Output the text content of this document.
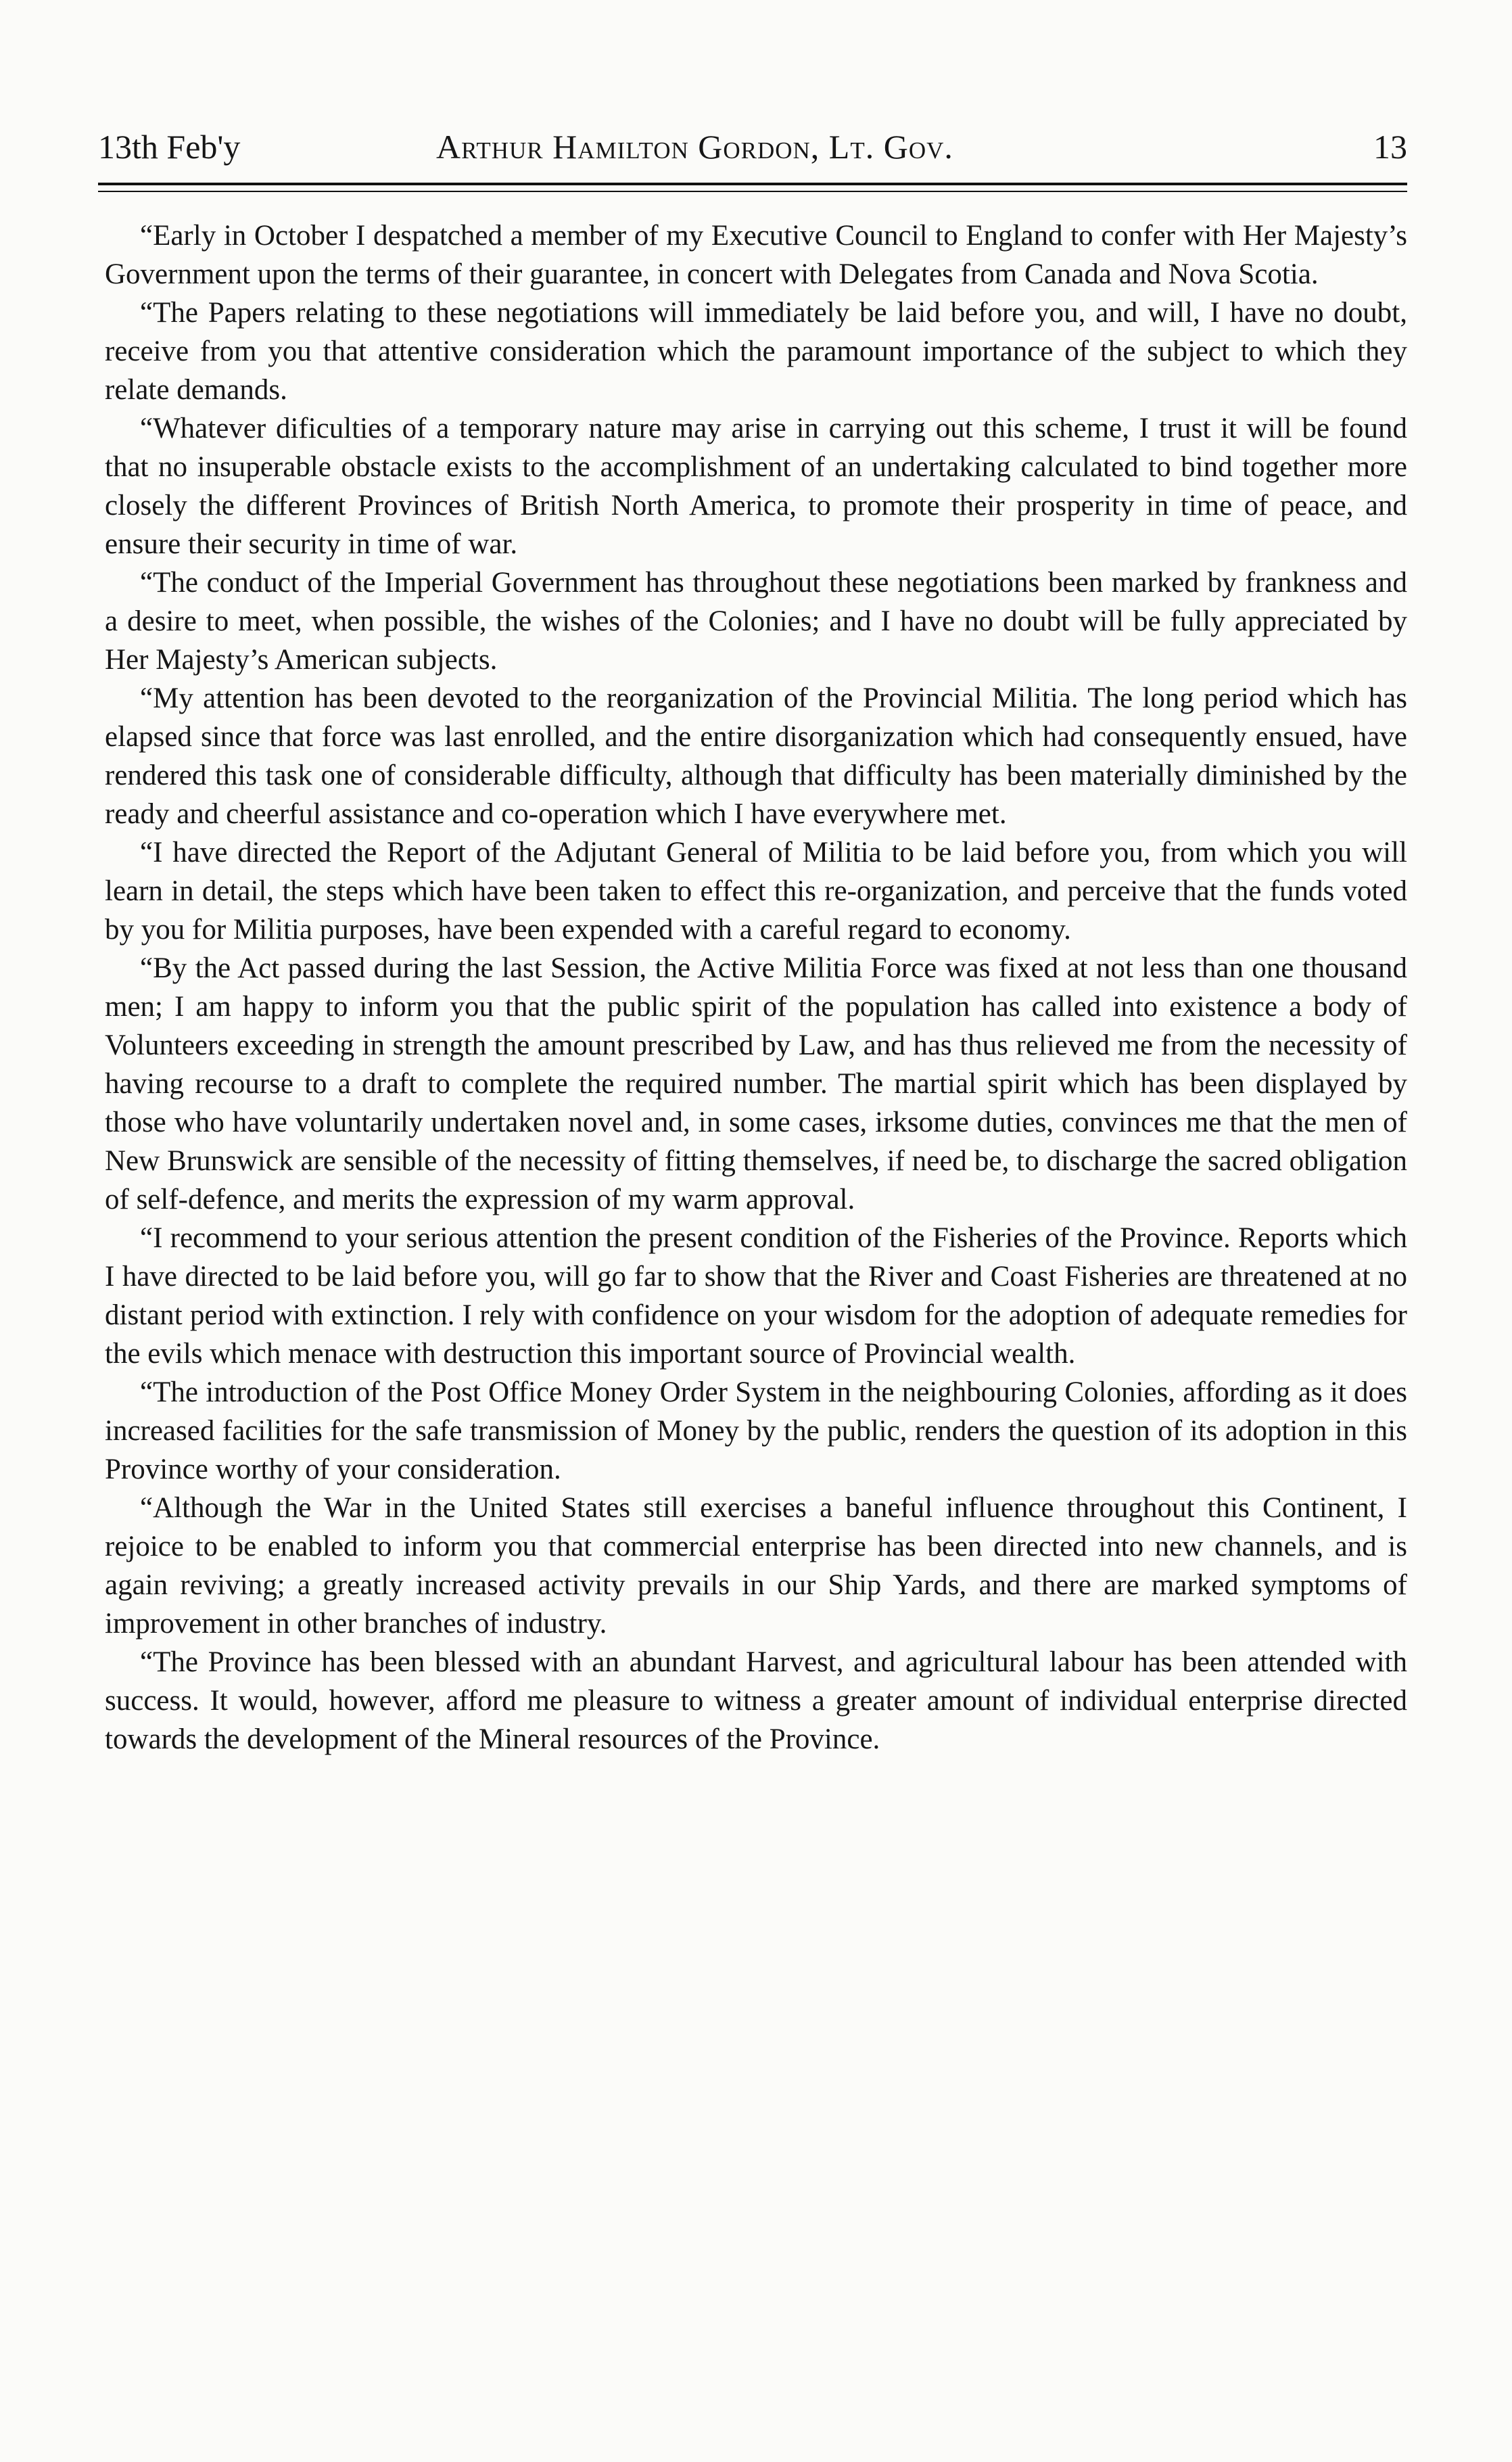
13th Feb'y	Arthur Hamilton Gordon, Lt. Gov.	13

“Early in October I despatched a member of my Executive Council to England to confer with Her Majesty’s Government upon the terms of their guarantee, in concert with Delegates from Canada and Nova Scotia.

“The Papers relating to these negotiations will immediately be laid before you, and will, I have no doubt, receive from you that attentive consideration which the paramount importance of the subject to which they relate demands.

“Whatever dificulties of a temporary nature may arise in carrying out this scheme, I trust it will be found that no insuperable obstacle exists to the accomplishment of an undertaking calculated to bind together more closely the different Provinces of British North America, to promote their prosperity in time of peace, and ensure their security in time of war.

“The conduct of the Imperial Government has throughout these negotiations been marked by frankness and a desire to meet, when possible, the wishes of the Colonies; and I have no doubt will be fully appreciated by Her Majesty’s American subjects.

“My attention has been devoted to the reorganization of the Provincial Militia. The long period which has elapsed since that force was last enrolled, and the entire disorganization which had consequently ensued, have rendered this task one of considerable difficulty, although that difficulty has been materially diminished by the ready and cheerful assistance and co-operation which I have everywhere met.

“I have directed the Report of the Adjutant General of Militia to be laid before you, from which you will learn in detail, the steps which have been taken to effect this re-organization, and perceive that the funds voted by you for Militia purposes, have been expended with a careful regard to economy.

“By the Act passed during the last Session, the Active Militia Force was fixed at not less than one thousand men; I am happy to inform you that the public spirit of the population has called into existence a body of Volunteers exceeding in strength the amount prescribed by Law, and has thus relieved me from the necessity of having recourse to a draft to complete the required number. The martial spirit which has been displayed by those who have voluntarily undertaken novel and, in some cases, irksome duties, convinces me that the men of New Brunswick are sensible of the necessity of fitting themselves, if need be, to discharge the sacred obligation of self-defence, and merits the expression of my warm approval.

“I recommend to your serious attention the present condition of the Fisheries of the Province. Reports which I have directed to be laid before you, will go far to show that the River and Coast Fisheries are threatened at no distant period with extinction. I rely with confidence on your wisdom for the adoption of adequate remedies for the evils which menace with destruction this important source of Provincial wealth.

“The introduction of the Post Office Money Order System in the neighbouring Colonies, affording as it does increased facilities for the safe transmission of Money by the public, renders the question of its adoption in this Province worthy of your consideration.

“Although the War in the United States still exercises a baneful influence throughout this Continent, I rejoice to be enabled to inform you that commercial enterprise has been directed into new channels, and is again reviving; a greatly increased activity prevails in our Ship Yards, and there are marked symptoms of improvement in other branches of industry.

“The Province has been blessed with an abundant Harvest, and agricultural labour has been attended with success. It would, however, afford me pleasure to witness a greater amount of individual enterprise directed towards the development of the Mineral resources of the Province.
